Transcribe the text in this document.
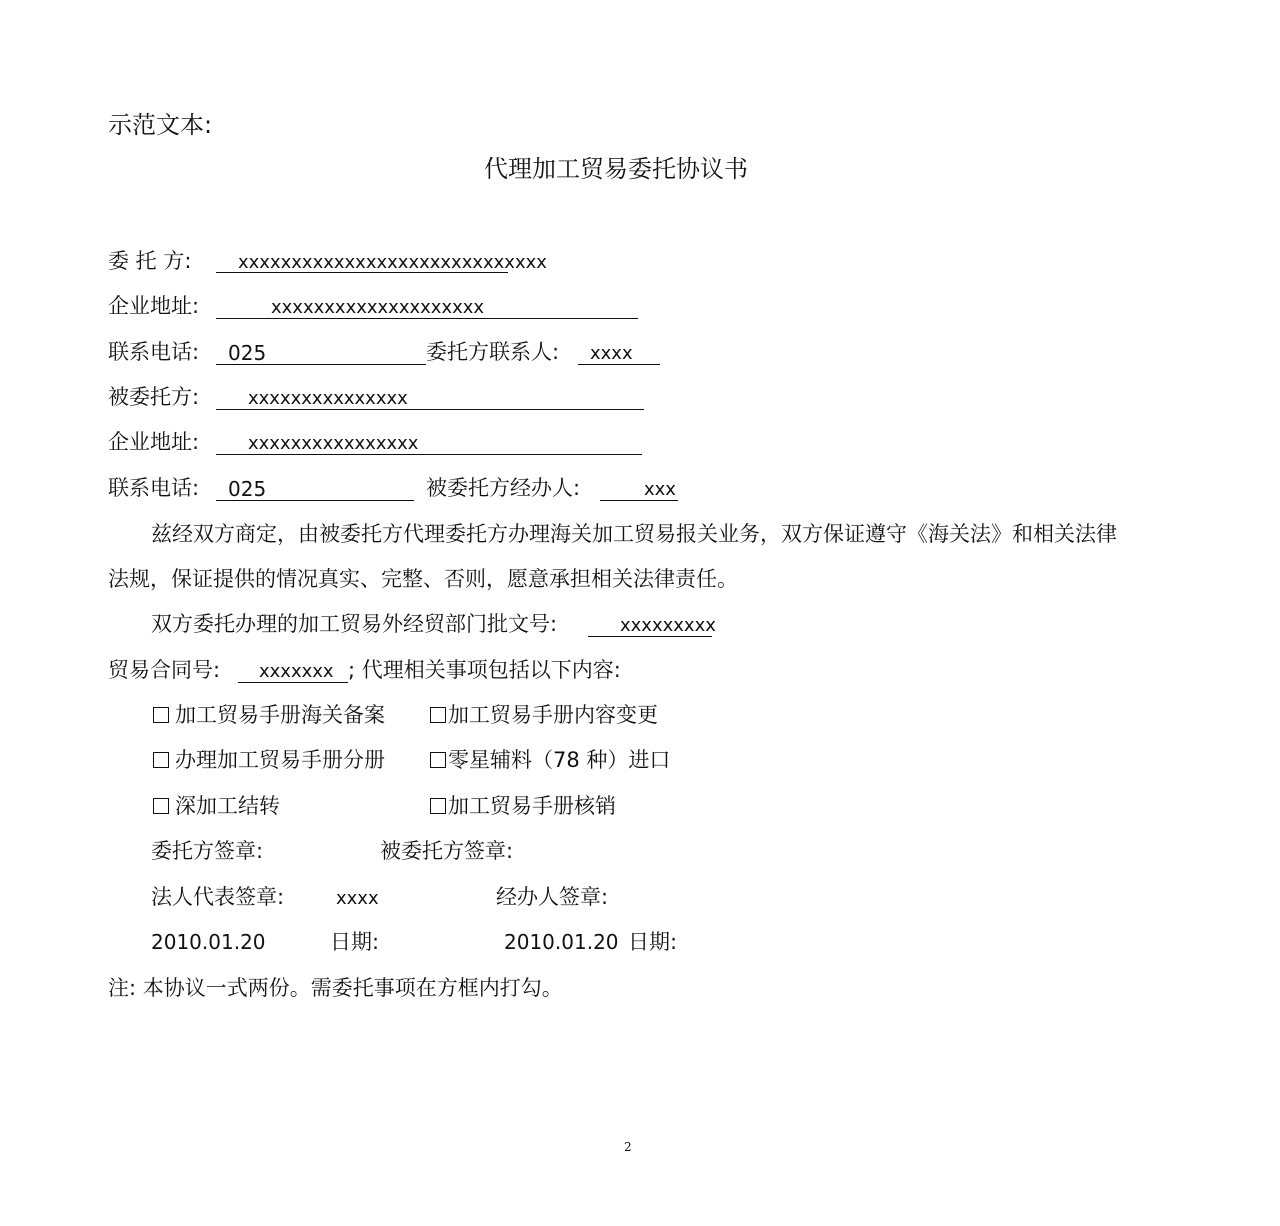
示范文本:
代理加工贸易委托协议书
委 托 方:	xxxxxxxxxxxxxxxxxxxxxxxxxxxxx
企业地址:	xxxxxxxxxxxxxxxxxxxx
联系电话: 025	委托方联系人: xxxx
被委托方:	xxxxxxxxxxxxxxx
企业地址:	xxxxxxxxxxxxxxxx
联系电话: 025	被委托方经办人:	xxx
兹经双方商定，由被委托方代理委托方办理海关加工贸易报关业务，双方保证遵守《海关法》和相关法律
法规，保证提供的情况真实、完整、否则，愿意承担相关法律责任。
双方委托办理的加工贸易外经贸部门批文号:	xxxxxxxxx
贸易合同号: xxxxxxx ; 代理相关事项包括以下内容:
加工贸易手册海关备案	加工贸易手册内容变更
办理加工贸易手册分册	零星辅料（78 种）进口
深加工结转	加工贸易手册核销
委托方签章:	被委托方签章:
法人代表签章:	xxxx	经办人签章:
2010.01.20	日期:	2010.01.20 日期:
注: 本协议一式两份。需委托事项在方框内打勾。
2
